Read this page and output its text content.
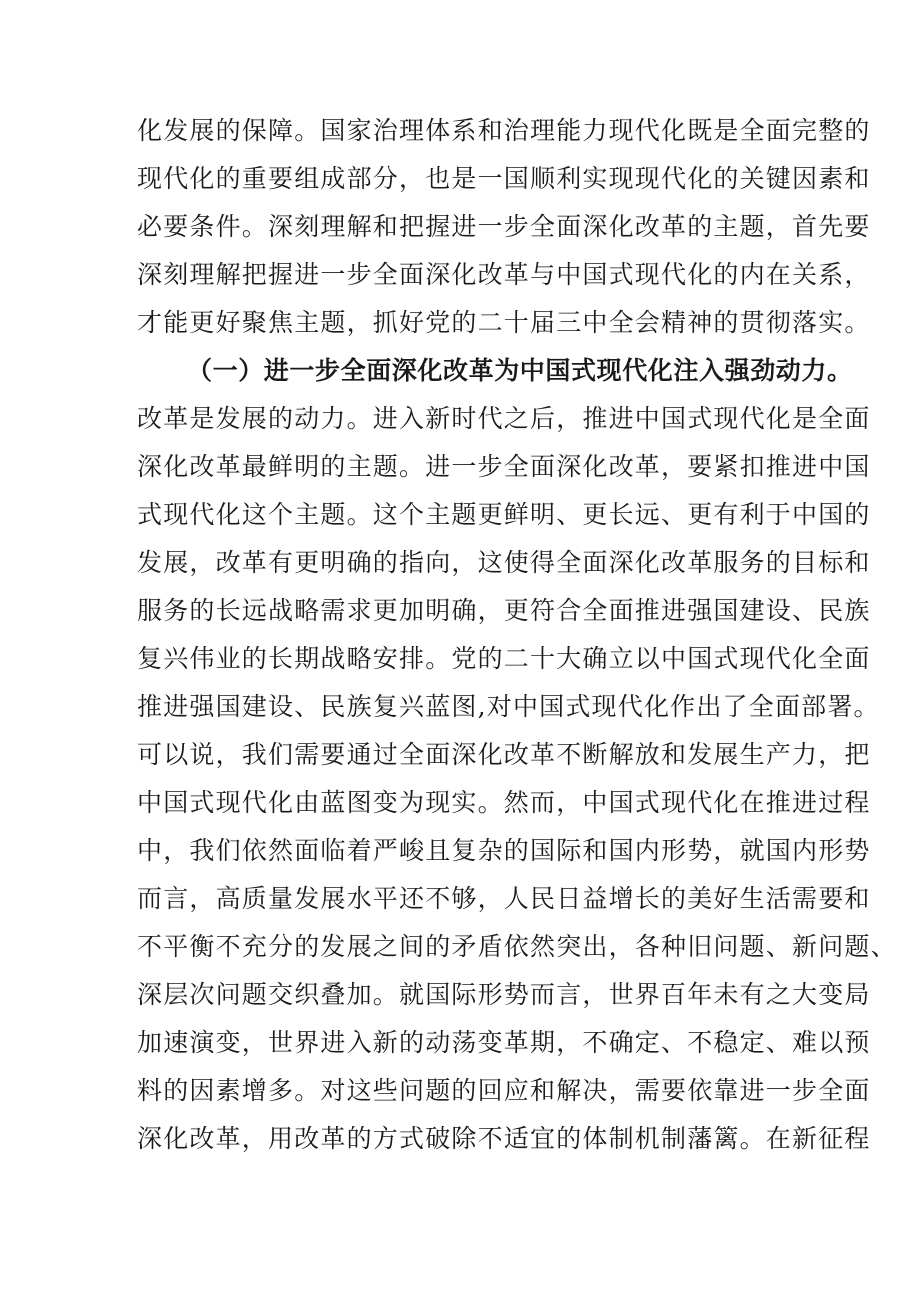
化发展的保障。国家治理体系和治理能力现代化既是全面完整的
现代化的重要组成部分，也是一国顺利实现现代化的关键因素和
必要条件。深刻理解和把握进一步全面深化改革的主题，首先要
深刻理解把握进一步全面深化改革与中国式现代化的内在关系，
才能更好聚焦主题，抓好党的二十届三中全会精神的贯彻落实。
（一）进一步全面深化改革为中国式现代化注入强劲动力。
改革是发展的动力。进入新时代之后，推进中国式现代化是全面
深化改革最鲜明的主题。进一步全面深化改革，要紧扣推进中国
式现代化这个主题。这个主题更鲜明、更长远、更有利于中国的
发展，改革有更明确的指向，这使得全面深化改革服务的目标和
服务的长远战略需求更加明确，更符合全面推进强国建设、民族
复兴伟业的长期战略安排。党的二十大确立以中国式现代化全面
推进强国建设、民族复兴蓝图,对中国式现代化作出了全面部署。
可以说，我们需要通过全面深化改革不断解放和发展生产力，把
中国式现代化由蓝图变为现实。然而，中国式现代化在推进过程
中，我们依然面临着严峻且复杂的国际和国内形势，就国内形势
而言，高质量发展水平还不够，人民日益增长的美好生活需要和
不平衡不充分的发展之间的矛盾依然突出，各种旧问题、新问题、
深层次问题交织叠加。就国际形势而言，世界百年未有之大变局
加速演变，世界进入新的动荡变革期，不确定、不稳定、难以预
料的因素增多。对这些问题的回应和解决，需要依靠进一步全面
深化改革，用改革的方式破除不适宜的体制机制藩篱。在新征程
